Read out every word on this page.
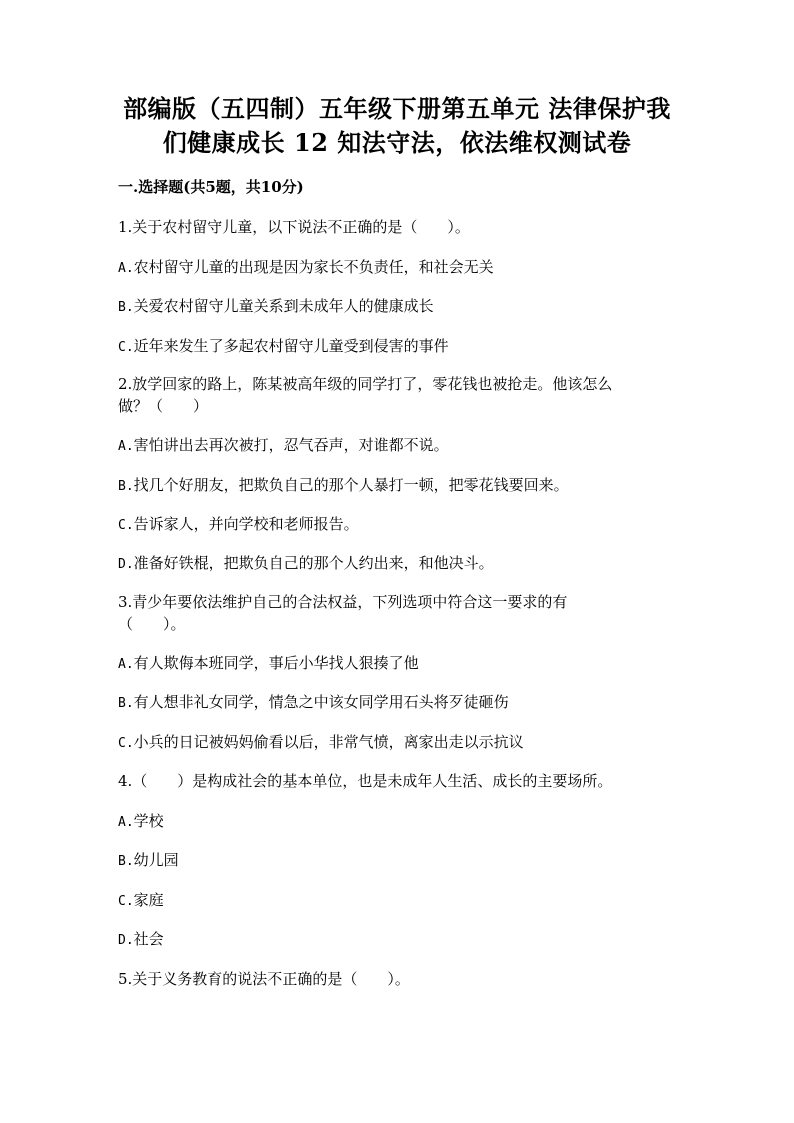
部编版（五四制）五年级下册第五单元 法律保护我
们健康成长 12 知法守法，依法维权测试卷
一.选择题(共5题，共10分)
1.关于农村留守儿童，以下说法不正确的是（　　）。
A.农村留守儿童的出现是因为家长不负责任，和社会无关
B.关爱农村留守儿童关系到未成年人的健康成长
C.近年来发生了多起农村留守儿童受到侵害的事件
2.放学回家的路上，陈某被高年级的同学打了，零花钱也被抢走。他该怎么
做？（　　）
A.害怕讲出去再次被打，忍气吞声，对谁都不说。
B.找几个好朋友，把欺负自己的那个人暴打一顿，把零花钱要回来。
C.告诉家人，并向学校和老师报告。
D.准备好铁棍，把欺负自己的那个人约出来，和他决斗。
3.青少年要依法维护自己的合法权益，下列选项中符合这一要求的有
（　　）。
A.有人欺侮本班同学，事后小华找人狠揍了他
B.有人想非礼女同学，情急之中该女同学用石头将歹徒砸伤
C.小兵的日记被妈妈偷看以后，非常气愤，离家出走以示抗议
4.（　　）是构成社会的基本单位，也是未成年人生活、成长的主要场所。
A.学校
B.幼儿园
C.家庭
D.社会
5.关于义务教育的说法不正确的是（　　）。
